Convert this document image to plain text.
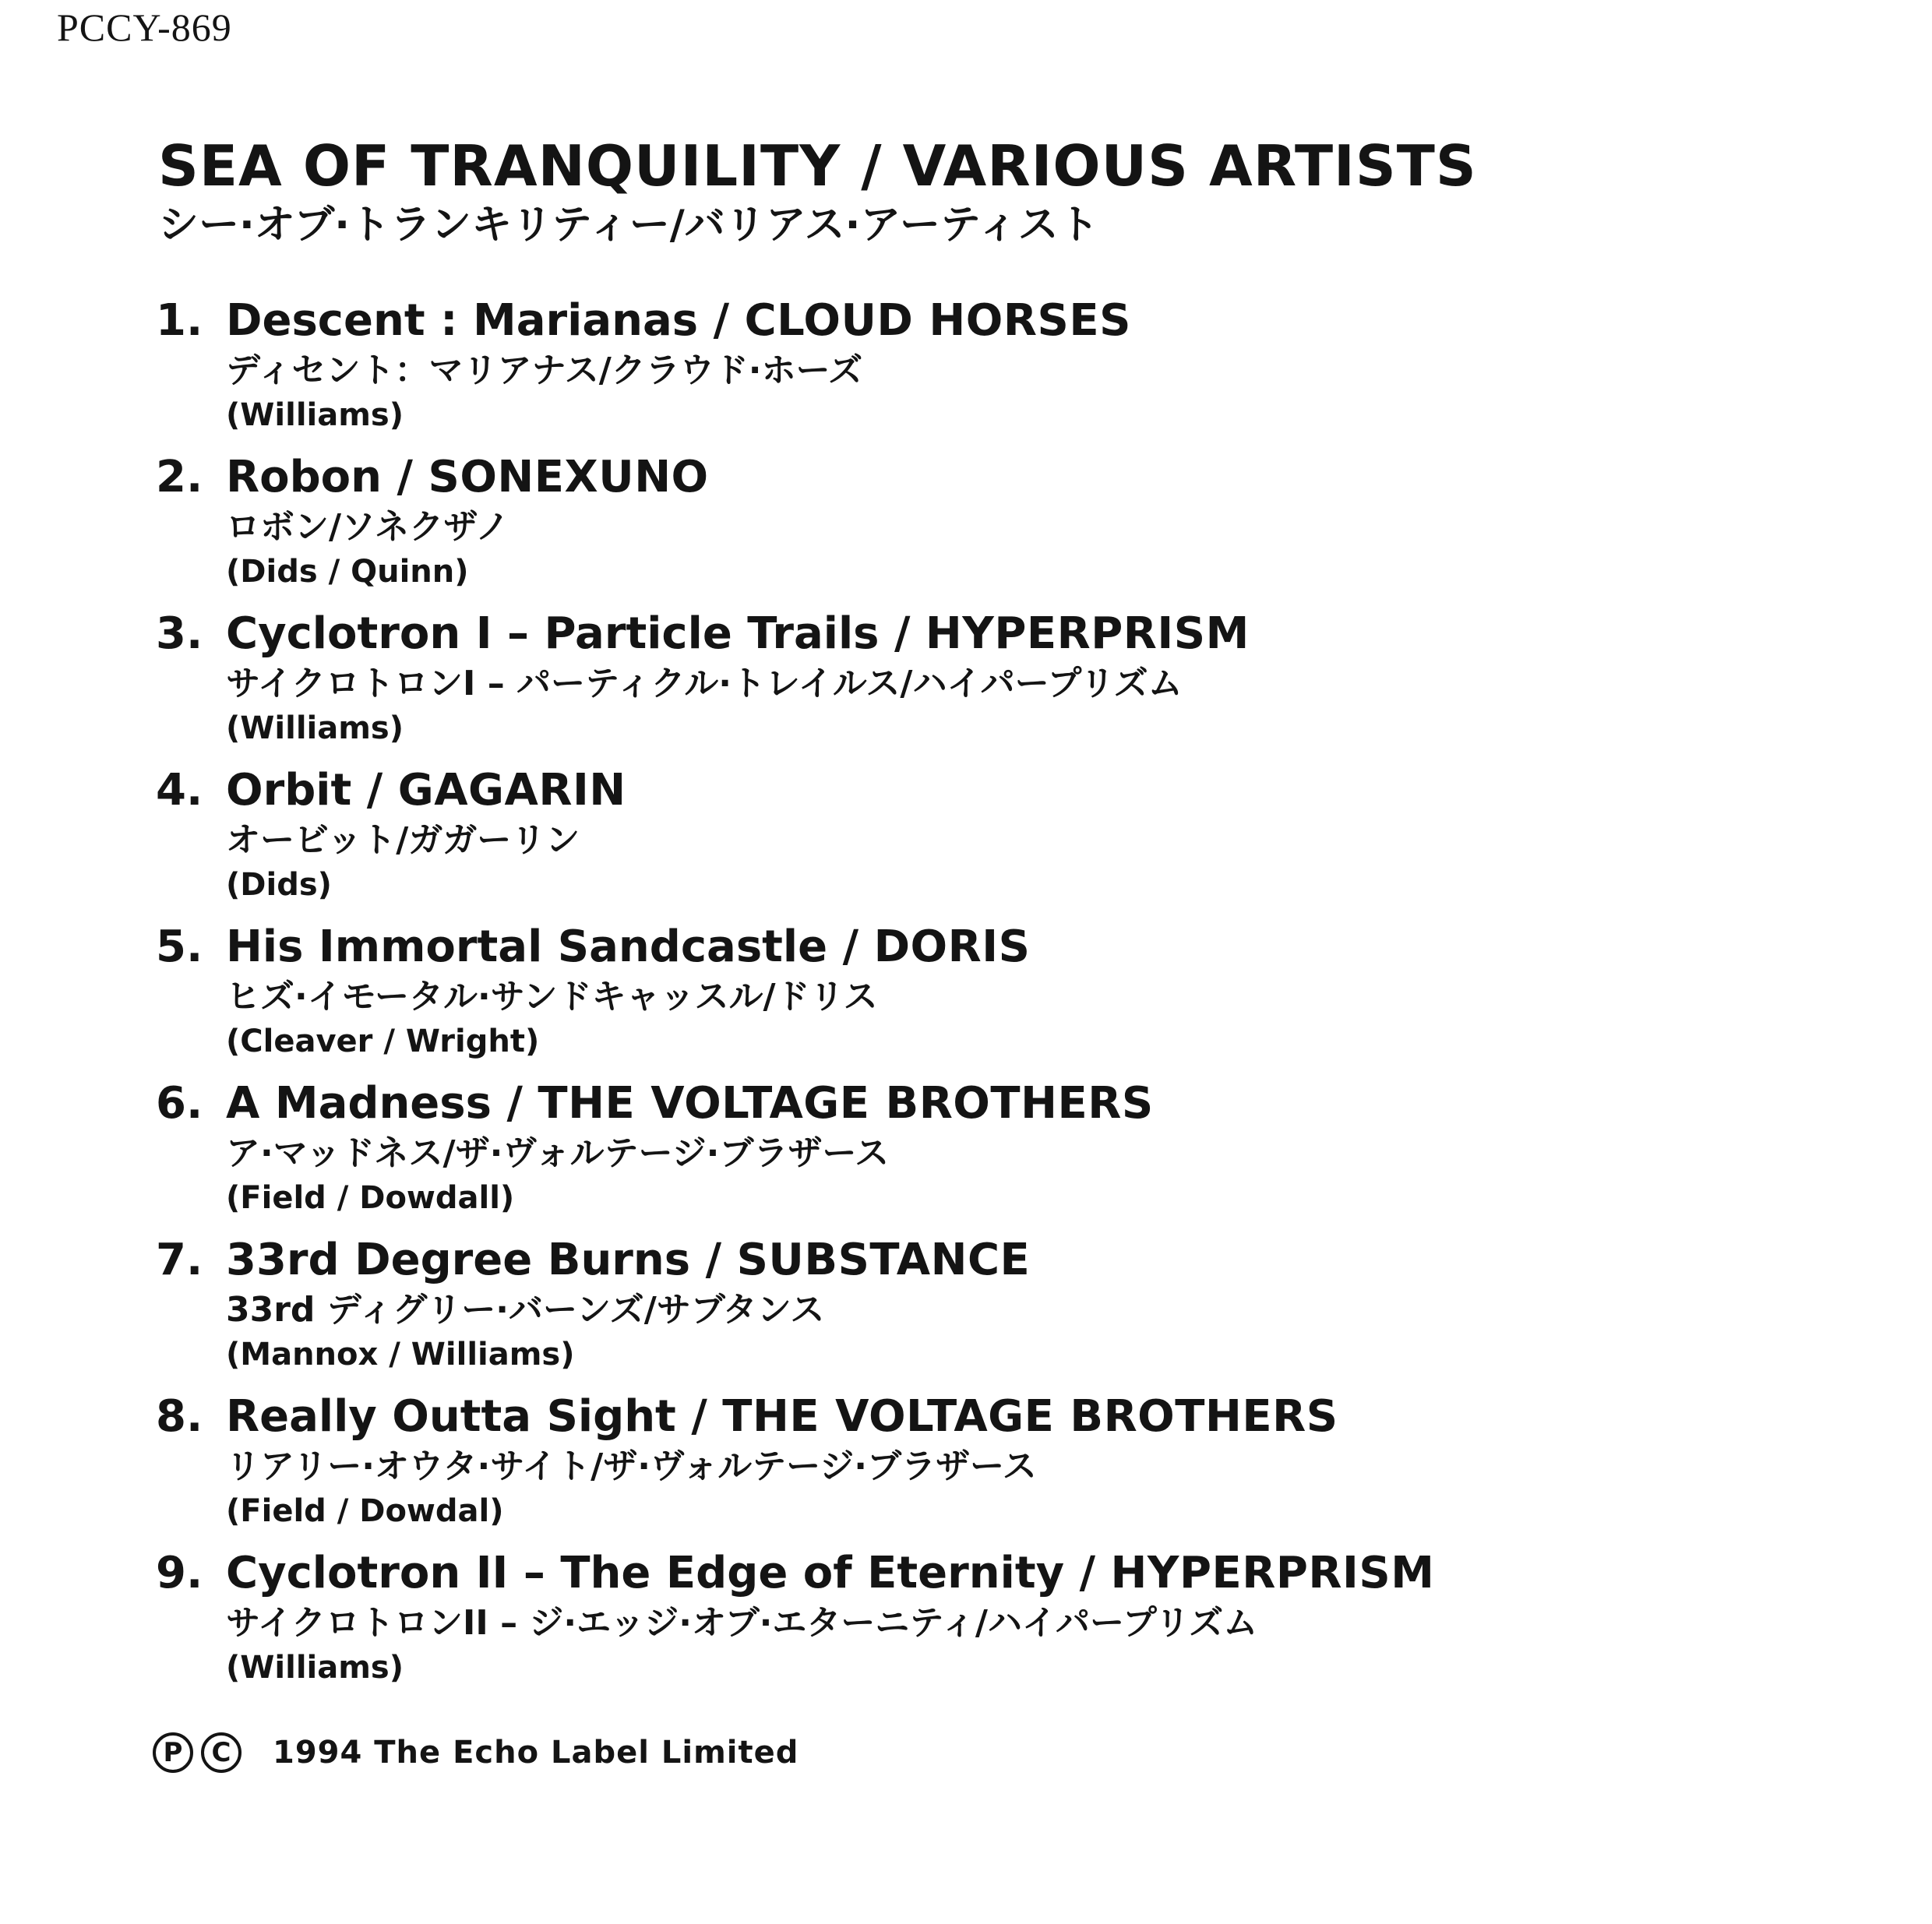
PCCY-869
SEA OF TRANQUILITY / VARIOUS ARTISTS
シー·オブ·トランキリティー/バリアス·アーティスト
1. Descent : Marianas / CLOUD HORSES
ディセント：マリアナス/クラウド·ホーズ
(Williams)
2. Robon / SONEXUNO
ロボン/ソネクザノ
(Dids / Quinn)
3. Cyclotron I – Particle Trails / HYPERPRISM
サイクロトロンI – パーティクル·トレイルス/ハイパープリズム
(Williams)
4. Orbit / GAGARIN
オービット/ガガーリン
(Dids)
5. His Immortal Sandcastle / DORIS
ヒズ·イモータル·サンドキャッスル/ドリス
(Cleaver / Wright)
6. A Madness / THE VOLTAGE BROTHERS
ア·マッドネス/ザ·ヴォルテージ·ブラザース
(Field / Dowdall)
7. 33rd Degree Burns / SUBSTANCE
33rd ディグリー·バーンズ/サブタンス
(Mannox / Williams)
8. Really Outta Sight / THE VOLTAGE BROTHERS
リアリー·オウタ·サイト/ザ·ヴォルテージ·ブラザース
(Field / Dowdal)
9. Cyclotron II – The Edge of Eternity / HYPERPRISM
サイクロトロンII – ジ·エッジ·オブ·エターニティ/ハイパープリズム
(Williams)
P	C	1994 The Echo Label Limited
